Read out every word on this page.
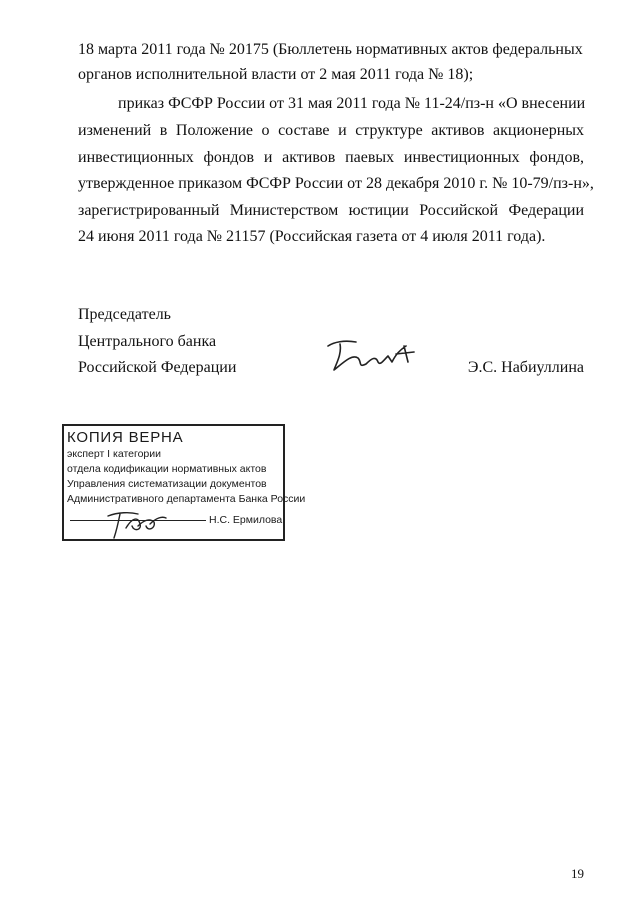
18 марта 2011 года № 20175 (Бюллетень нормативных актов федеральных
органов исполнительной власти от 2 мая 2011 года № 18);
приказ ФСФР России от 31 мая 2011 года № 11-24/пз-н «О внесении
изменений в Положение о составе и структуре активов акционерных
инвестиционных фондов и активов паевых инвестиционных фондов,
утвержденное приказом ФСФР России от 28 декабря 2010 г. № 10-79/пз-н»,
зарегистрированный Министерством юстиции Российской Федерации
24 июня 2011 года № 21157 (Российская газета от 4 июля 2011 года).
Председатель
Центрального банка
Российской Федерации	Э.С. Набиуллина
КОПИЯ ВЕРНА
эксперт I категории
отдела кодификации нормативных актов
Управления систематизации документов
Административного департамента Банка России
Н.С. Ермилова
19
